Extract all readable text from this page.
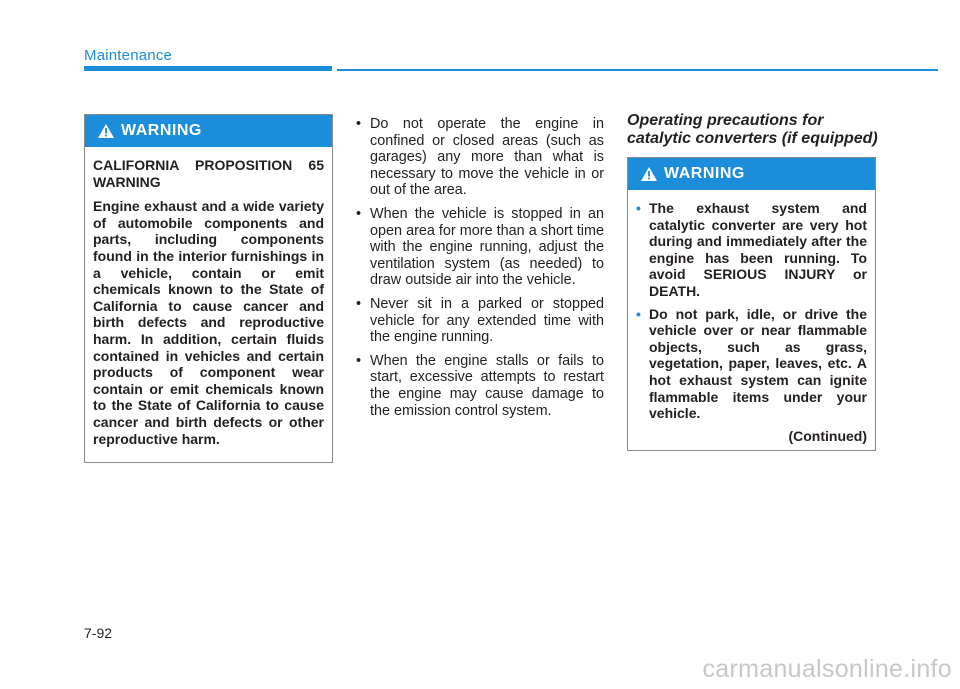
Maintenance
WARNING

CALIFORNIA PROPOSITION 65 WARNING

Engine exhaust and a wide variety of automobile components and parts, including components found in the interior furnishings in a vehicle, contain or emit chemicals known to the State of California to cause cancer and birth defects and reproductive harm. In addition, certain fluids contained in vehicles and certain products of component wear contain or emit chemicals known to the State of California to cause cancer and birth defects or other reproductive harm.

• Do not operate the engine in confined or closed areas (such as garages) any more than what is necessary to move the vehicle in or out of the area.
• When the vehicle is stopped in an open area for more than a short time with the engine running, adjust the ventilation system (as needed) to draw outside air into the vehicle.
• Never sit in a parked or stopped vehicle for any extended time with the engine running.
• When the engine stalls or fails to start, excessive attempts to restart the engine may cause damage to the emission control system.
Operating precautions for catalytic converters (if equipped)
WARNING
• The exhaust system and catalytic converter are very hot during and immediately after the engine has been running. To avoid SERIOUS INJURY or DEATH.
• Do not park, idle, or drive the vehicle over or near flammable objects, such as grass, vegetation, paper, leaves, etc. A hot exhaust system can ignite flammable items under your vehicle.
(Continued)
7-92
carmanualsonline.info
